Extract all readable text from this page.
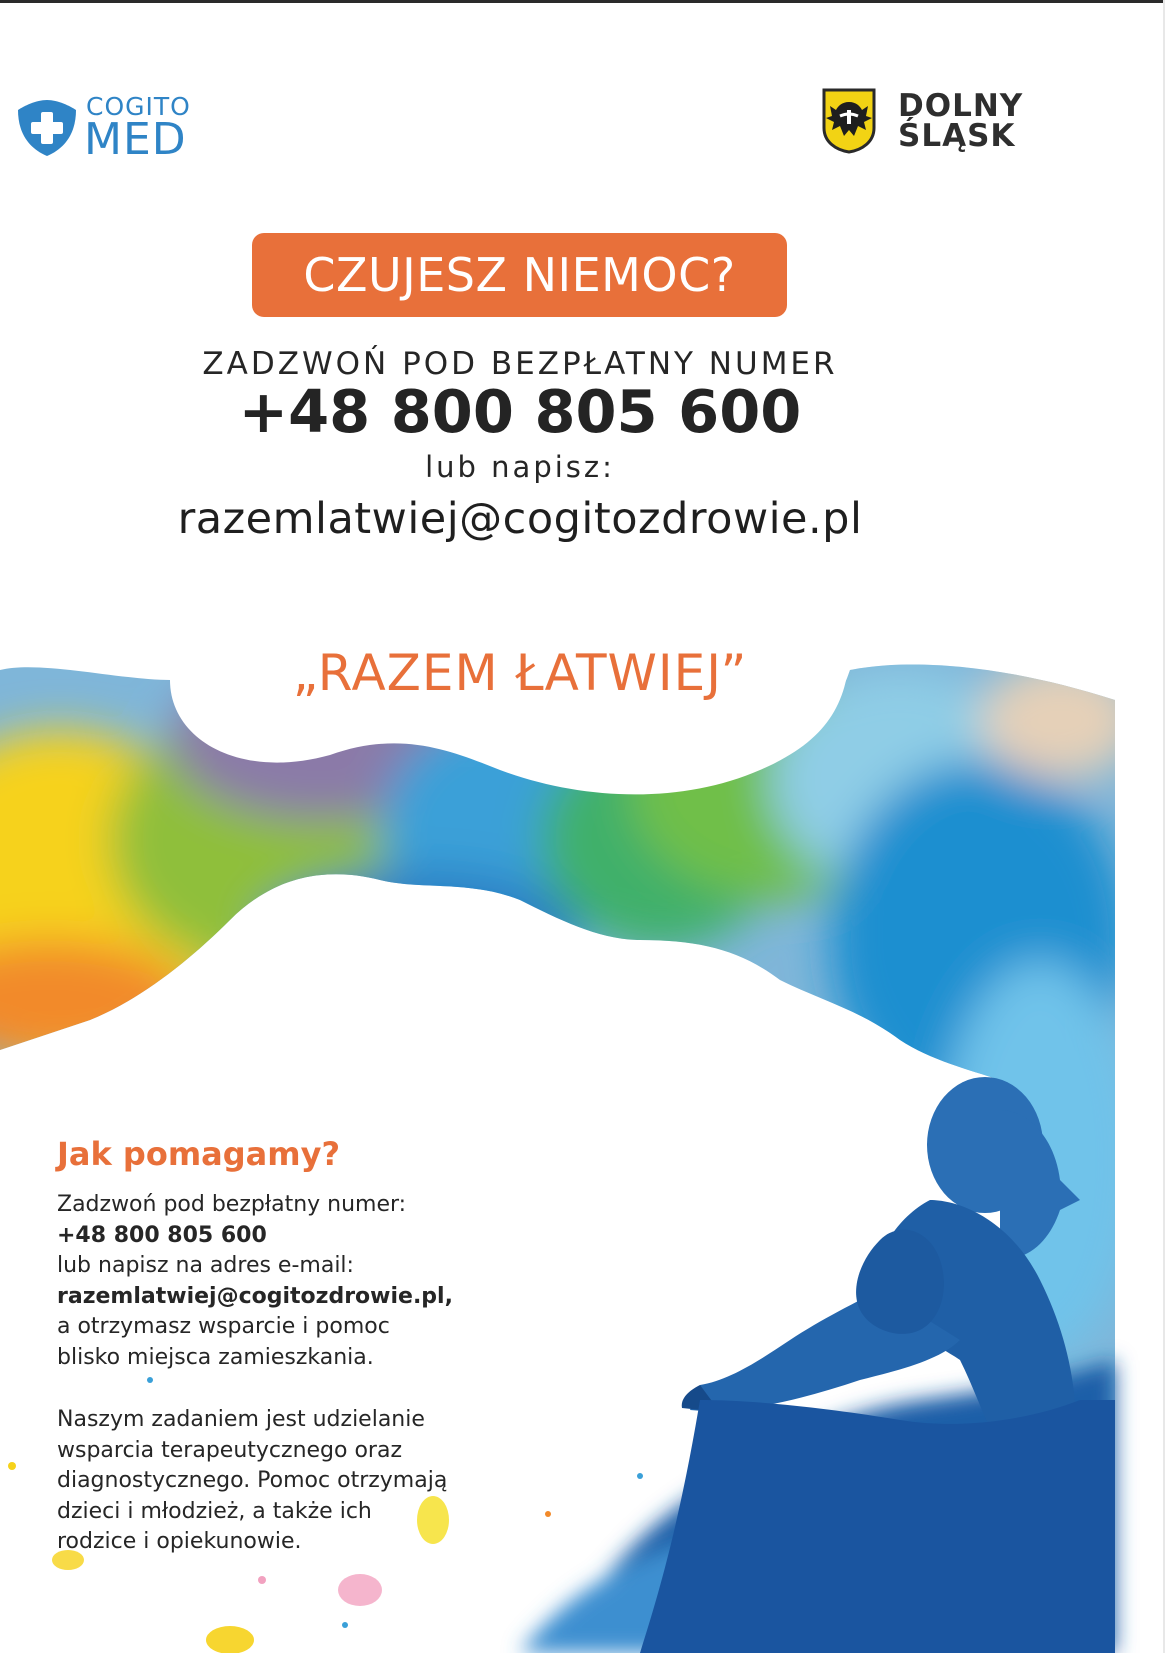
COGITO
MED
DOLNY
ŚLĄSK
CZUJESZ NIEMOC?
ZADZWOŃ POD BEZPŁATNY NUMER
+48 800 805 600
lub napisz:
razemlatwiej@cogitozdrowie.pl
„RAZEM ŁATWIEJ”
Jak pomagamy?
Zadzwoń pod bezpłatny numer:
+48 800 805 600
lub napisz na adres e-mail:
razemlatwiej@cogitozdrowie.pl,
a otrzymasz wsparcie i pomoc
blisko miejsca zamieszkania.
Naszym zadaniem jest udzielanie
wsparcia terapeutycznego oraz
diagnostycznego. Pomoc otrzymają
dzieci i młodzież, a także ich
rodzice i opiekunowie.
